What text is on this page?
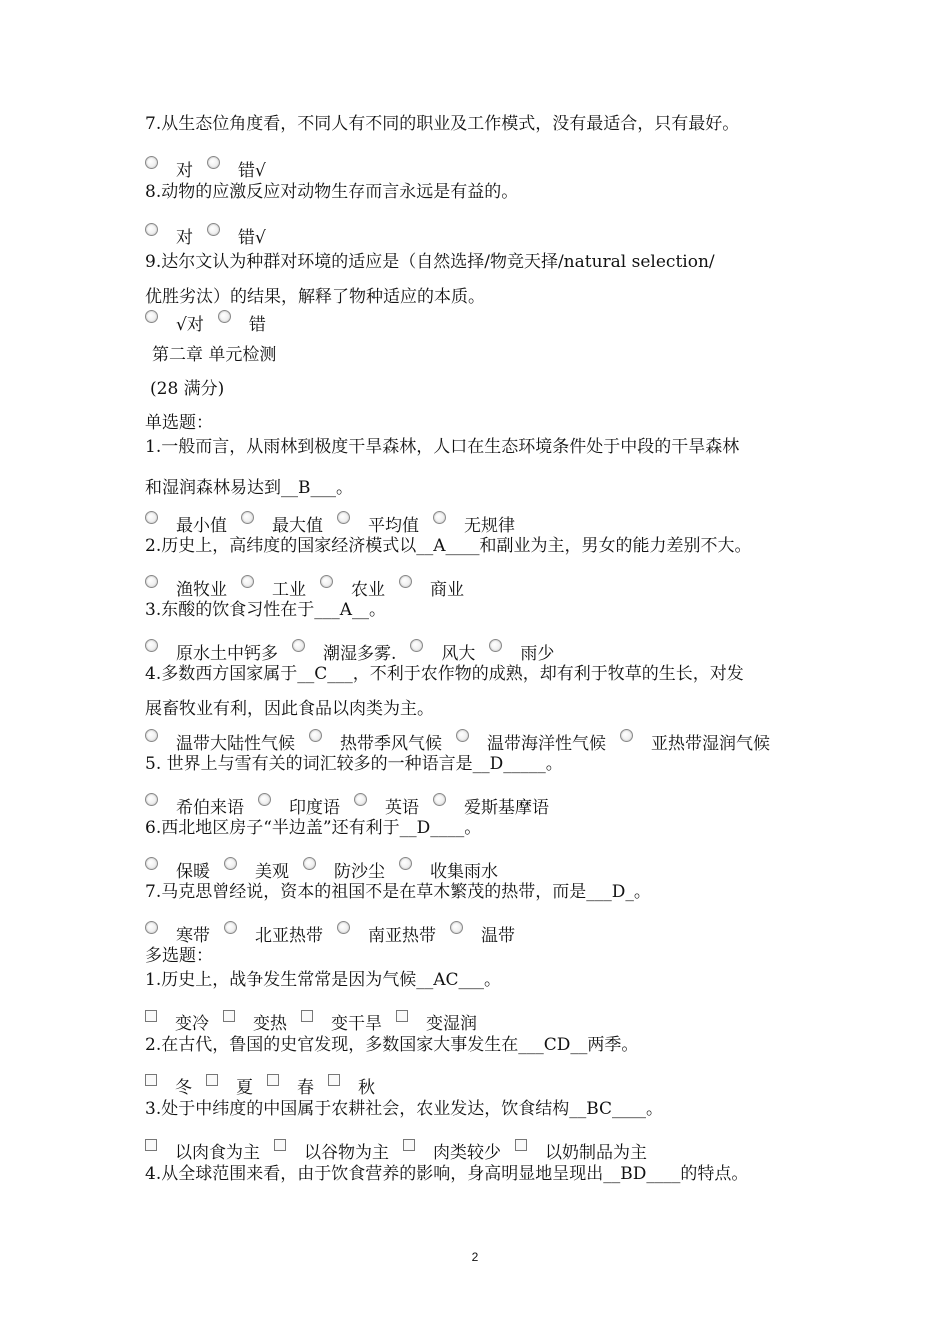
7.从生态位角度看，不同人有不同的职业及工作模式，没有最适合，只有最好。
对	错√
8.动物的应激反应对动物生存而言永远是有益的。
对	错√
9.达尔文认为种群对环境的适应是（自然选择/物竞天择/natural selection/
优胜劣汰）的结果，解释了物种适应的本质。
√对	错
第二章 单元检测
(28 满分)
单选题：
1.一般而言，从雨林到极度干旱森林，人口在生态环境条件处于中段的干旱森林
和湿润森林易达到__B___。
最小值	最大值	平均值	无规律
2.历史上，高纬度的国家经济模式以__A____和副业为主，男女的能力差别不大。
渔牧业	工业	农业	商业
3.东酸的饮食习性在于___A__。
原水土中钙多	潮湿多雾.	风大	雨少
4.多数西方国家属于__C___，不利于农作物的成熟，却有利于牧草的生长，对发
展畜牧业有利，因此食品以肉类为主。
温带大陆性气候	热带季风气候	温带海洋性气候	亚热带湿润气候
5. 世界上与雪有关的词汇较多的一种语言是__D_____。
希伯来语	印度语	英语	爱斯基摩语
6.西北地区房子“半边盖”还有利于__D____。
保暖	美观	防沙尘	收集雨水
7.马克思曾经说，资本的祖国不是在草木繁茂的热带，而是___D_。
寒带	北亚热带	南亚热带	温带
多选题：
1.历史上，战争发生常常是因为气候__AC___。
变冷	变热	变干旱	变湿润
2.在古代，鲁国的史官发现，多数国家大事发生在___CD__两季。
冬	夏	春	秋
3.处于中纬度的中国属于农耕社会，农业发达，饮食结构__BC____。
以肉食为主	以谷物为主	肉类较少	以奶制品为主
4.从全球范围来看，由于饮食营养的影响，身高明显地呈现出__BD____的特点。
2
